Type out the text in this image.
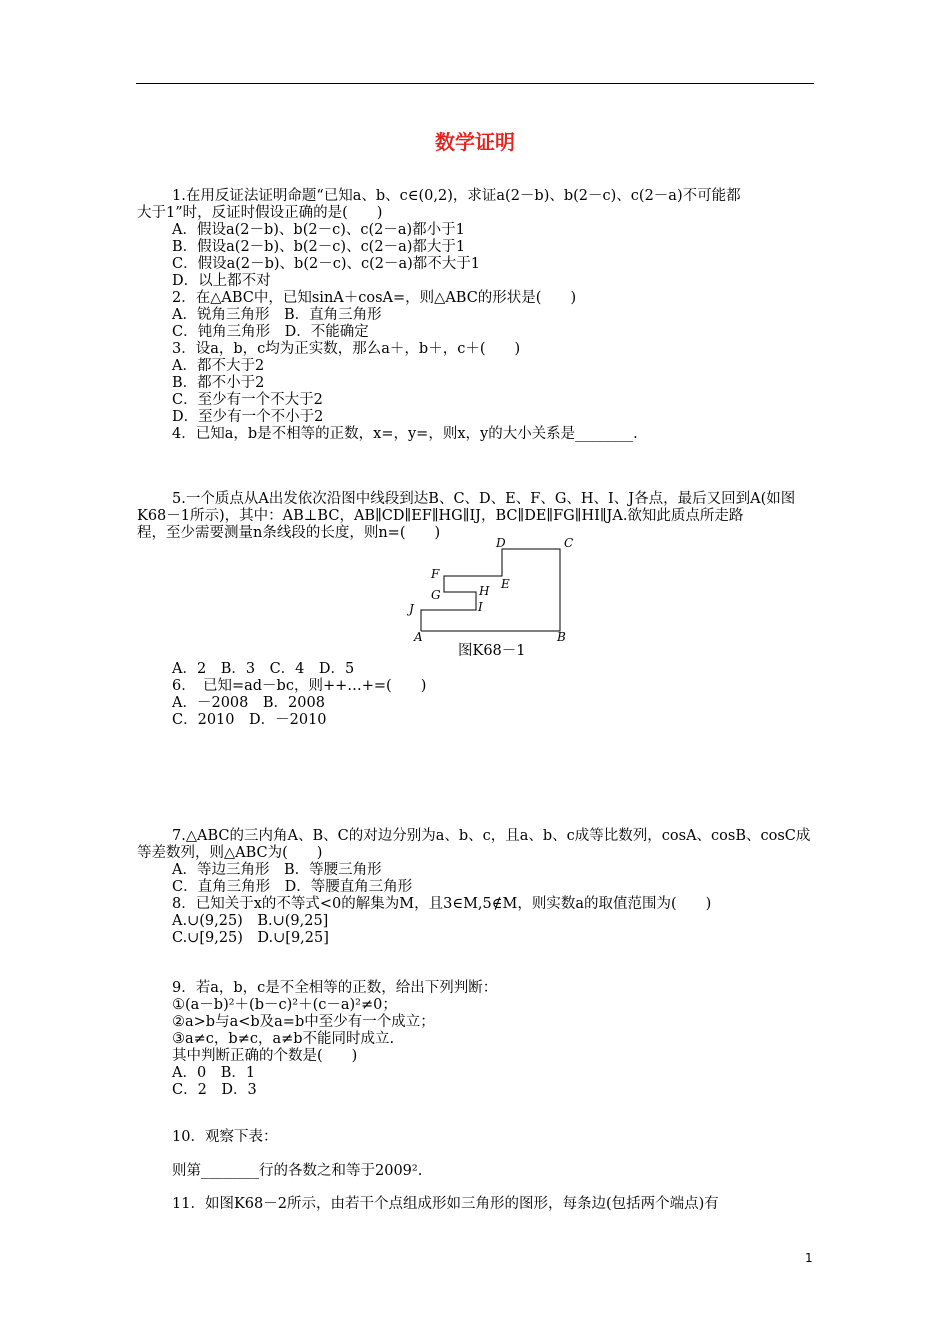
数学证明
1.在用反证法证明命题“已知a、b、c∈(0,2)，求证a(2－b)、b(2－c)、c(2－a)不可能都
大于1”时，反证时假设正确的是(　　)
A．假设a(2－b)、b(2－c)、c(2－a)都小于1
B．假设a(2－b)、b(2－c)、c(2－a)都大于1
C．假设a(2－b)、b(2－c)、c(2－a)都不大于1
D．以上都不对
2．在△ABC中，已知sinA＋cosA=，则△ABC的形状是(　　)
A．锐角三角形　B．直角三角形
C．钝角三角形　D．不能确定
3．设a，b，c均为正实数，那么a＋，b＋，c＋(　　)
A．都不大于2
B．都不小于2
C．至少有一个不大于2
D．至少有一个不小于2
4．已知a，b是不相等的正数，x=，y=，则x，y的大小关系是________.
5.一个质点从A出发依次沿图中线段到达B、C、D、E、F、G、H、I、J各点，最后又回到A(如图
K68－1所示)，其中：AB⊥BC，AB∥CD∥EF∥HG∥IJ，BC∥DE∥FG∥HI∥JA.欲知此质点所走路
程，至少需要测量n条线段的长度，则n=(　　)
D	C
F
E
H
G
J	I
A	B
图K68－1
A．2　B．3　C．4　D．5
6．　已知=ad－bc，则++…+=(　　)
A．－2008　B．2008
C．2010　D．－2010
7.△ABC的三内角A、B、C的对边分别为a、b、c，且a、b、c成等比数列，cosA、cosB、cosC成
等差数列，则△ABC为(　　)
A．等边三角形　B．等腰三角形
C．直角三角形　D．等腰直角三角形
8．已知关于x的不等式<0的解集为M，且3∈M,5∉M，则实数a的取值范围为(　　)
A.∪(9,25)　B.∪(9,25]
C.∪[9,25)　D.∪[9,25]
9．若a，b，c是不全相等的正数，给出下列判断：
①(a－b)²＋(b－c)²＋(c－a)²≠0；
②a>b与a<b及a=b中至少有一个成立；
③a≠c，b≠c，a≠b不能同时成立.
其中判断正确的个数是(　　)
A．0　B．1
C．2　D．3
10．观察下表：
则第________行的各数之和等于2009².
11．如图K68－2所示，由若干个点组成形如三角形的图形，每条边(包括两个端点)有
1
